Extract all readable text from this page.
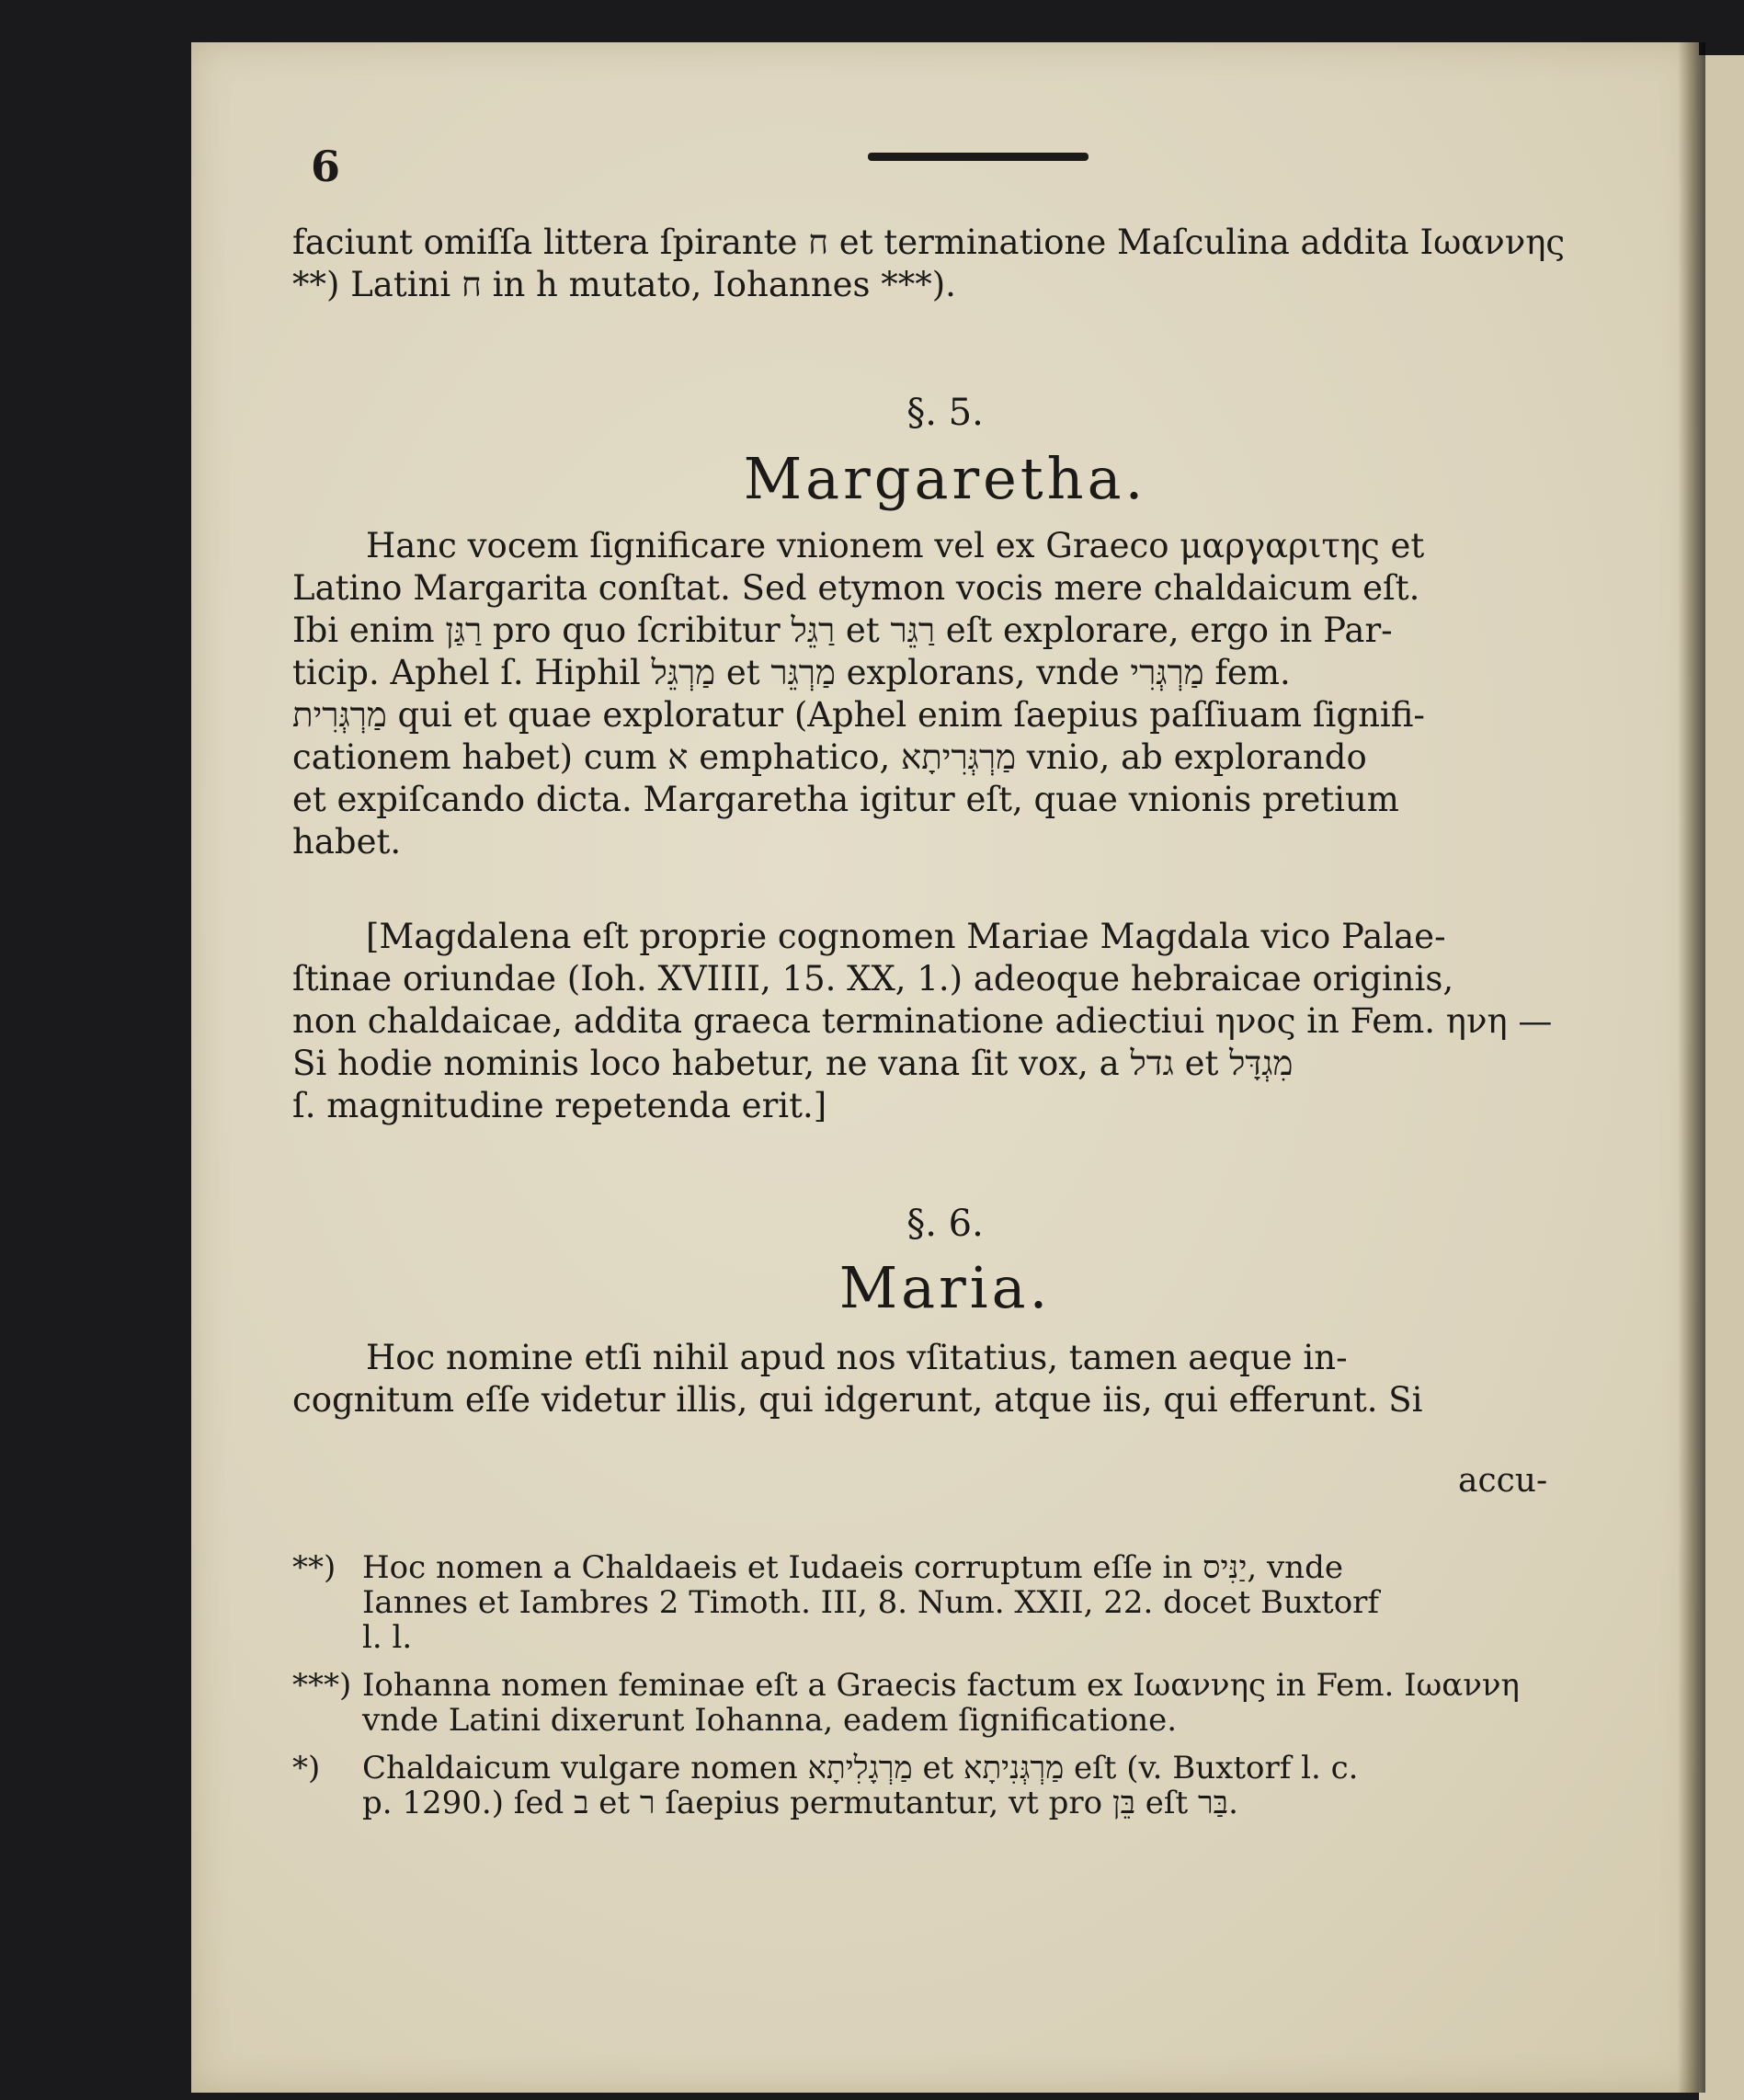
6
faciunt omiſſa littera ſpirante ח et terminatione Maſculina addita Ιωαννης
**) Latini ח in h mutato, Iohannes ***).
§. 5.
Margaretha.
Hanc vocem ſignificare vnionem vel ex Graeco μαργαριτης et
Latino Margarita conſtat. Sed etymon vocis mere chaldaicum eſt.
Ibi enim רַגַּן pro quo ſcribitur רַגֵּל et רַגֵּר eſt explorare, ergo in Par-
ticip. Aphel ſ. Hiphil מַרְגֵּל et מַרְגֵּר explorans, vnde מַרְגְּרִי fem.
מַרְגְּרִית qui et quae exploratur (Aphel enim ſaepius paſſiuam ſignifi-
cationem habet) cum א emphatico, מַרְגְּרִיתָא vnio, ab explorando
et expiſcando dicta. Margaretha igitur eſt, quae vnionis pretium
habet.
[Magdalena eſt proprie cognomen Mariae Magdala vico Palae-
ſtinae oriundae (Ioh. XVIIII, 15. XX, 1.) adeoque hebraicae originis,
non chaldaicae, addita graeca terminatione adiectiui ηνος in Fem. ηνη —
Si hodie nominis loco habetur, ne vana ſit vox, a גדל et מִגְדָּל
ſ. magnitudine repetenda erit.]
§. 6.
Maria.
Hoc nomine etſi nihil apud nos vſitatius, tamen aeque in-
cognitum eſſe videtur illis, qui idgerunt, atque iis, qui efferunt. Si
accu-
**) Hoc nomen a Chaldaeis et Iudaeis corruptum eſſe in יַנִּיס, vnde
Iannes et Iambres 2 Timoth. III, 8. Num. XXII, 22. docet Buxtorf
l. l.
***) Iohanna nomen feminae eſt a Graecis factum ex Ιωαννης in Fem. Ιωαννη
vnde Latini dixerunt Iohanna, eadem ſignificatione.
*) Chaldaicum vulgare nomen מַרְגָלִיתָא et מַרְגְּנִיתָא eſt (v. Buxtorf l. c.
p. 1290.) ſed ב et ר ſaepius permutantur, vt pro בֵּן eſt בַּר.
